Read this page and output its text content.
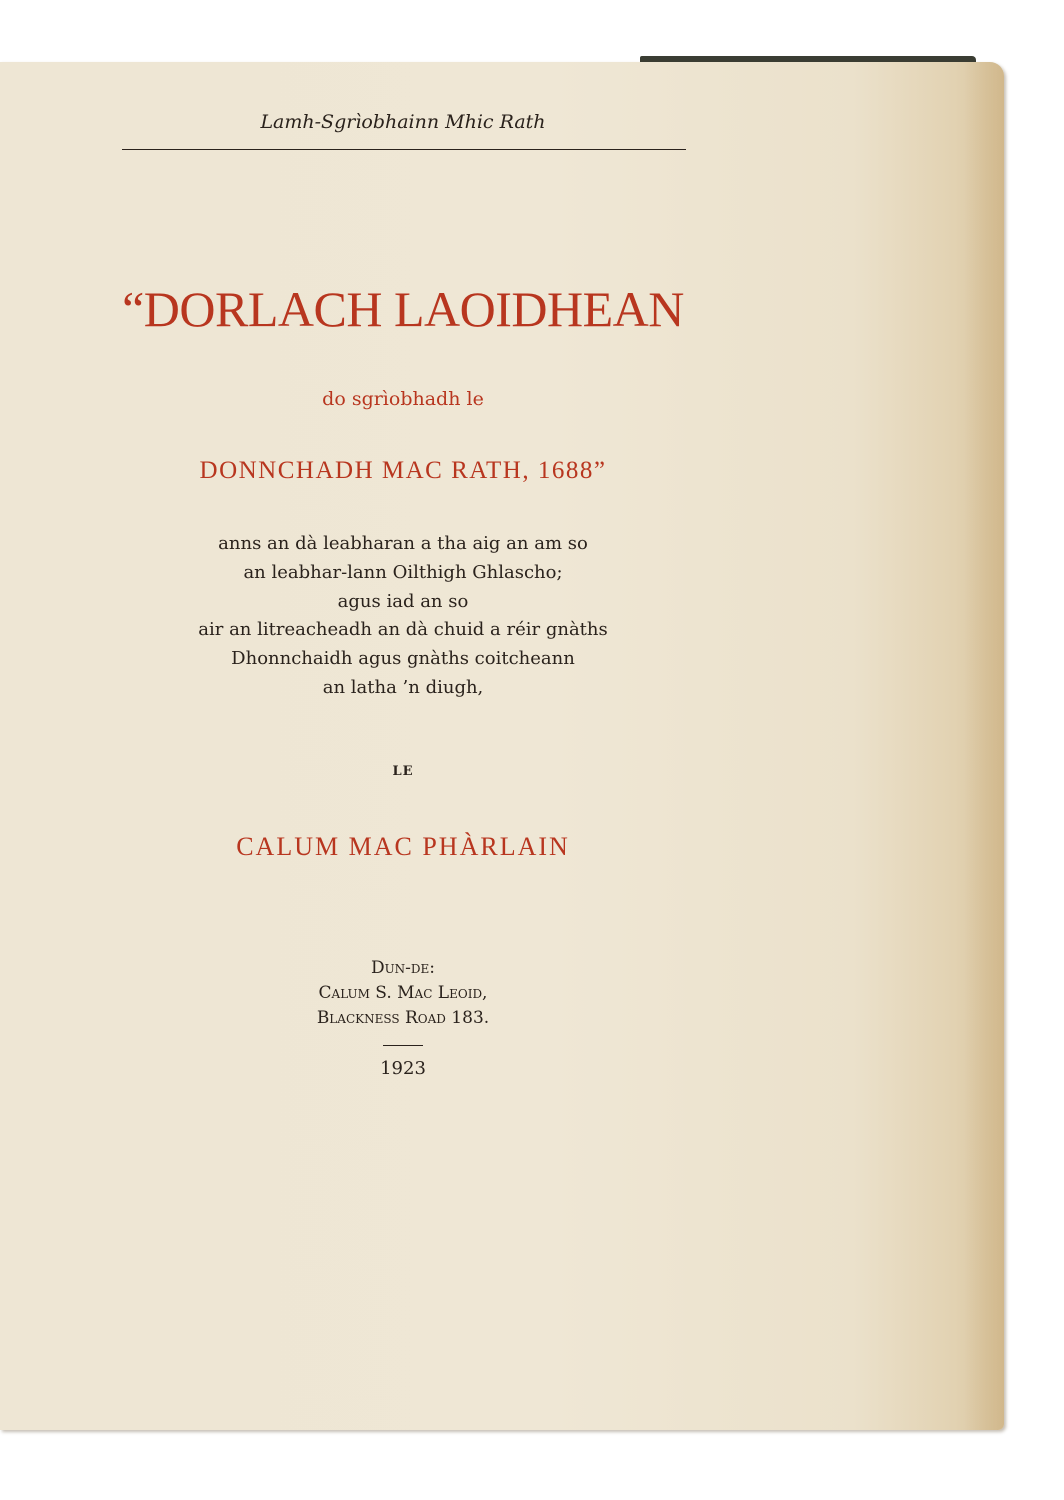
Lamh-Sgrìobhainn Mhic Rath
“DORLACH LAOIDHEAN
do sgrìobhadh le
DONNCHADH MAC RATH, 1688”
anns an dà leabharan a tha aig an am so
an leabhar-lann Oilthigh Ghlascho;
agus iad an so
air an litreacheadh an dà chuid a réir gnàths
Dhonnchaidh agus gnàths coitcheann
an latha ’n diugh,
LE
CALUM MAC PHÀRLAIN
Dun-de:
Calum S. Mac Leoid,
Blackness Road 183.
1923
